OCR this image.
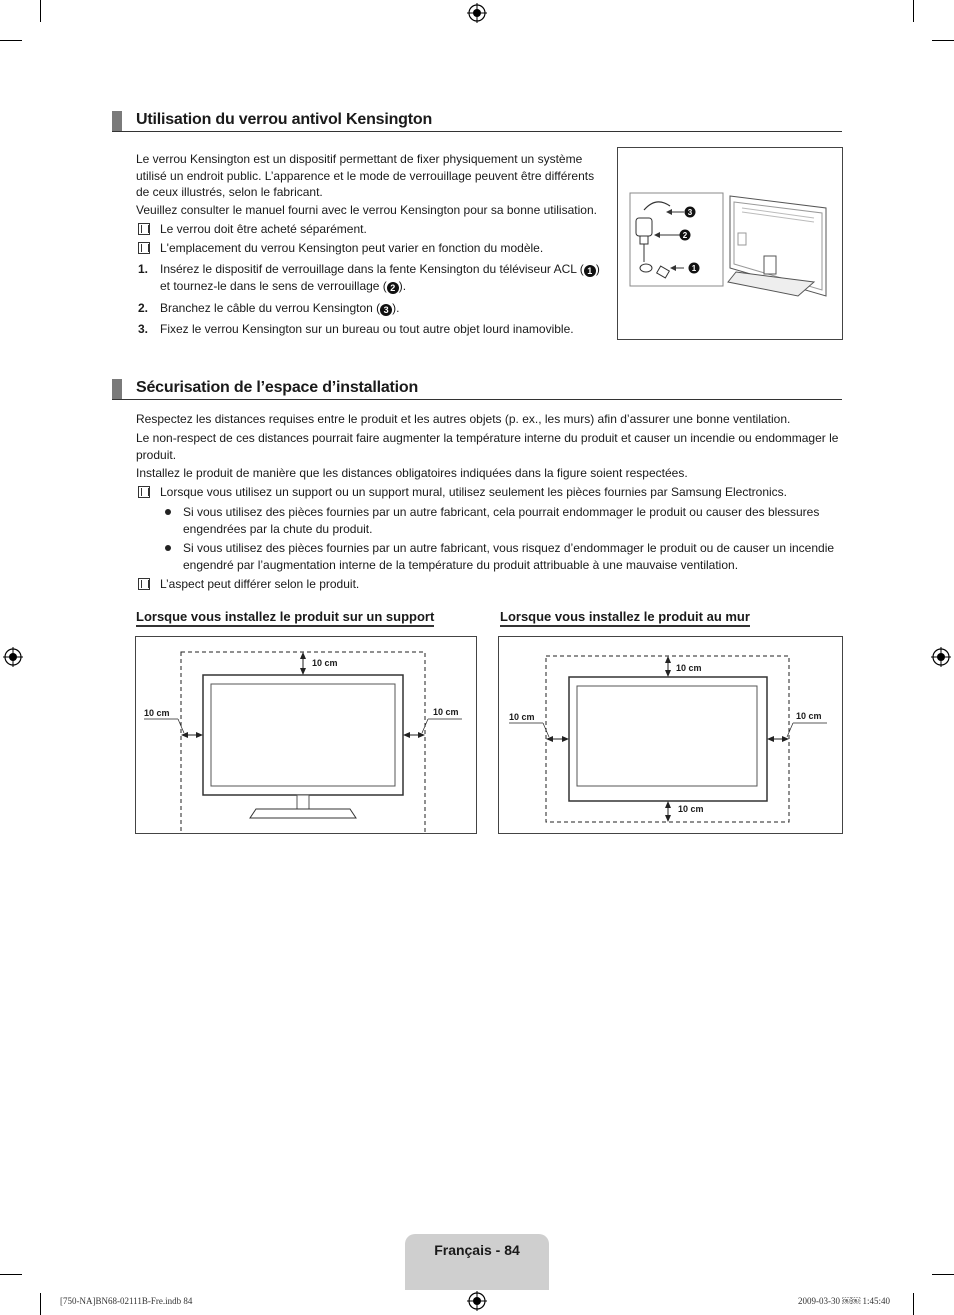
Utilisation du verrou antivol Kensington
Le verrou Kensington est un dispositif permettant de fixer physiquement un système utilisé un endroit public. L’apparence et le mode de verrouillage peuvent être différents de ceux illustrés, selon le fabricant.
Veuillez consulter le manuel fourni avec le verrou Kensington pour sa bonne utilisation.
Le verrou doit être acheté séparément.
L'emplacement du verrou Kensington peut varier en fonction du modèle.
1. Insérez le dispositif de verrouillage dans la fente Kensington du téléviseur ACL ( 1 )
et tournez-le dans le sens de verrouillage ( 2 ).
2. Branchez le câble du verrou Kensington ( 3 ).
3. Fixez le verrou Kensington sur un bureau ou tout autre objet lourd inamovible.
3
2
1
Sécurisation de l’espace d’installation
Respectez les distances requises entre le produit et les autres objets (p. ex., les murs) afin d’assurer une bonne ventilation.
Le non-respect de ces distances pourrait faire augmenter la température interne du produit et causer un incendie ou endommager le produit.
Installez le produit de manière que les distances obligatoires indiquées dans la figure soient respectées.
Lorsque vous utilisez un support ou un support mural, utilisez seulement les pièces fournies par Samsung Electronics.
Si vous utilisez des pièces fournies par un autre fabricant, cela pourrait endommager le produit ou causer des blessures engendrées par la chute du produit.
Si vous utilisez des pièces fournies par un autre fabricant, vous risquez d’endommager le produit ou de causer un incendie engendré par l’augmentation interne de la température du produit attribuable à une mauvaise ventilation.
L’aspect peut différer selon le produit.
Lorsque vous installez le produit sur un support	Lorsque vous installez le produit au mur
10 cm
10 cm	10 cm
10 cm
10 cm	10 cm
10 cm
Français - 84
[750-NA]BN68-02111B-Fre.indb 84	2009-03-30 ￼￼ 1:45:40
